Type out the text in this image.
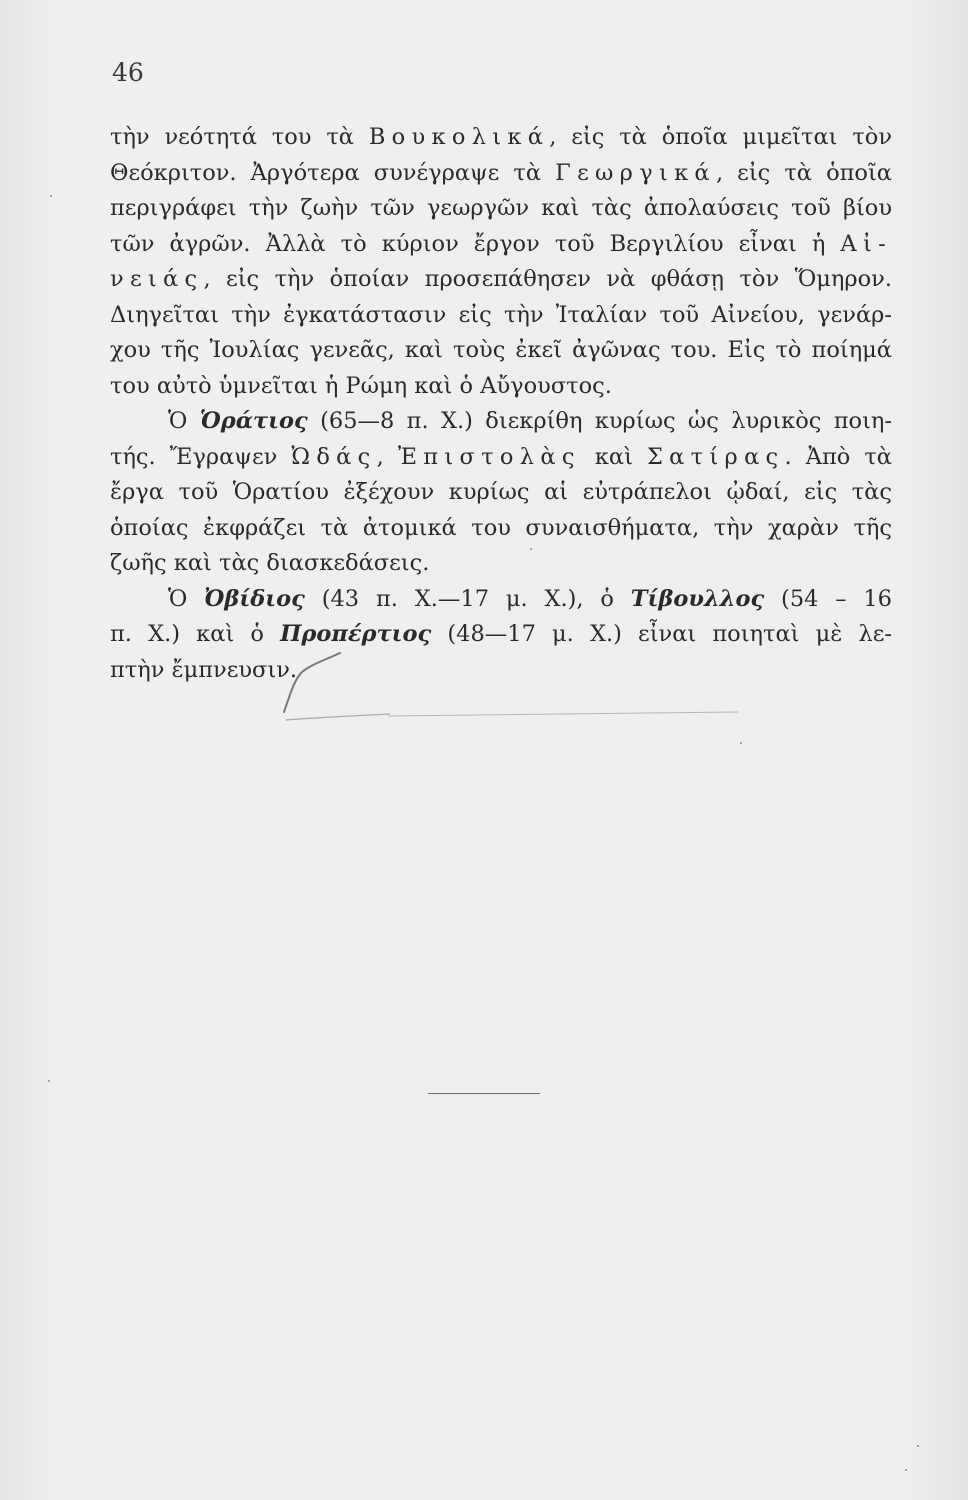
46
τὴν νεότητά του τὰ Βουκολικά, εἰς τὰ ὁποῖα μιμεῖται τὸν
Θεόκριτον. Ἀργότερα συνέγραψε τὰ Γεωργικά, εἰς τὰ ὁποῖα
περιγράφει τὴν ζωὴν τῶν γεωργῶν καὶ τὰς ἀπολαύσεις τοῦ βίου
τῶν ἀγρῶν. Ἀλλὰ τὸ κύριον ἔργον τοῦ Βεργιλίου εἶναι ἡ Αἰ-
νειάς, εἰς τὴν ὁποίαν προσεπάθησεν νὰ φθάσῃ τὸν Ὅμηρον.
Διηγεῖται τὴν ἐγκατάστασιν εἰς τὴν Ἰταλίαν τοῦ Αἰνείου, γενάρ-
χου τῆς Ἰουλίας γενεᾶς, καὶ τοὺς ἐκεῖ ἀγῶνας του. Εἰς τὸ ποίημά
του αὐτὸ ὑμνεῖται ἡ Ρώμη καὶ ὁ Αὔγουστος.
Ὁ Ὁράτιος (65—8 π. Χ.) διεκρίθη κυρίως ὡς λυρικὸς ποιη-
τής. Ἔγραψεν Ὠδάς, Ἐπιστολὰς καὶ Σατίρας. Ἀπὸ τὰ
ἔργα τοῦ Ὁρατίου ἐξέχουν κυρίως αἱ εὐτράπελοι ᾠδαί, εἰς τὰς
ὁποίας ἐκφράζει τὰ ἀτομικά του συναισθήματα, τὴν χαρὰν τῆς
ζωῆς καὶ τὰς διασκεδάσεις.
Ὁ Ὀβίδιος (43 π. Χ.—17 μ. Χ.), ὁ Τίβουλλος (54 – 16
π. Χ.) καὶ ὁ Προπέρτιος (48—17 μ. Χ.) εἶναι ποιηταὶ μὲ λε-
πτὴν ἔμπνευσιν.
